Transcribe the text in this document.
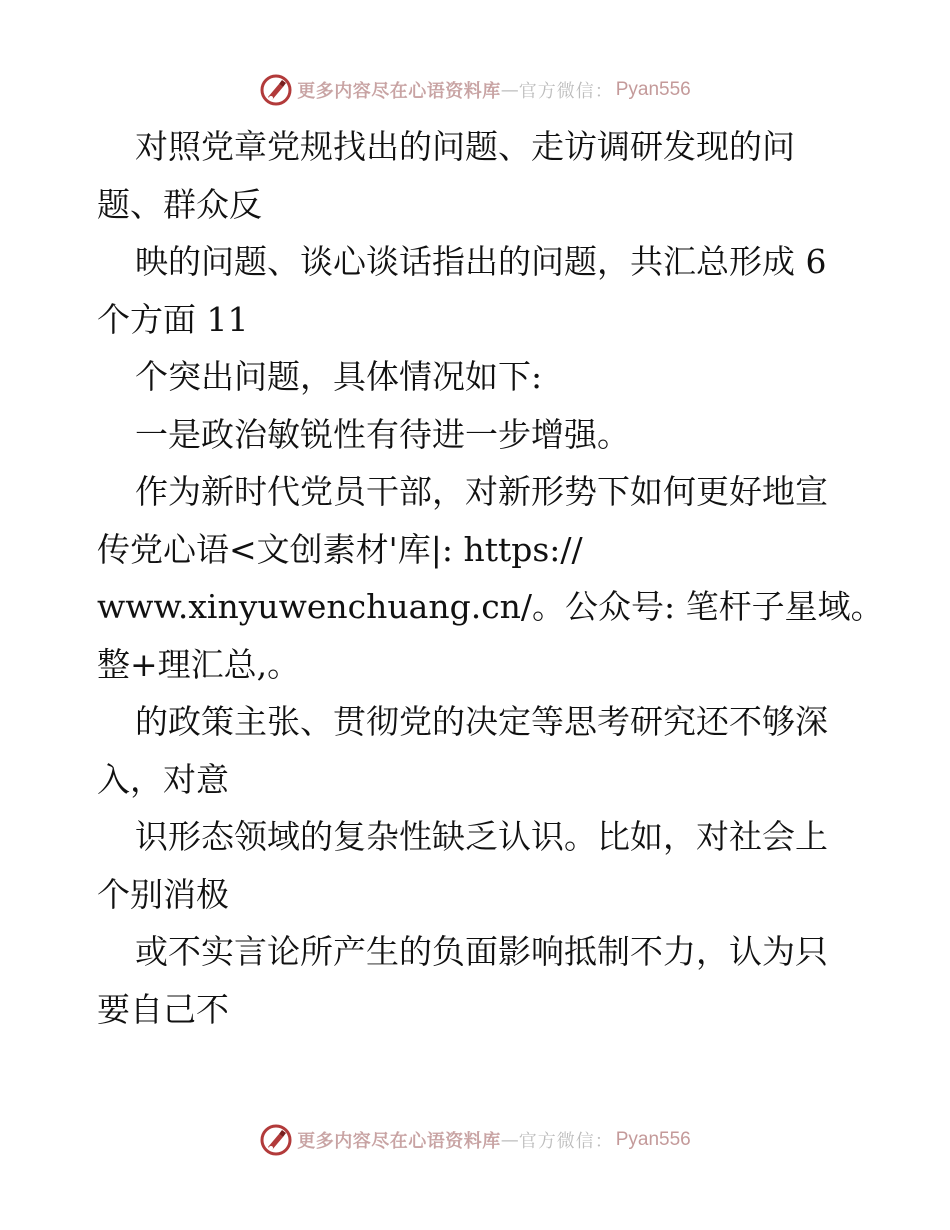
更多内容尽在心语资料库 — 官方微信： Pyan556
对照党章党规找出的问题、走访调研发现的问
题、群众反
映的问题、谈心谈话指出的问题，共汇总形成 6
个方面 11
个突出问题，具体情况如下:
一是政治敏锐性有待进一步增强。
作为新时代党员干部，对新形势下如何更好地宣
传党心语<文创素材'库|: https://
www.xinyuwenchuang.cn/。公众号: 笔杆子星域。
整+理汇总,。
的政策主张、贯彻党的决定等思考研究还不够深
入，对意
识形态领域的复杂性缺乏认识。比如，对社会上
个别消极
或不实言论所产生的负面影响抵制不力，认为只
要自己不
更多内容尽在心语资料库 — 官方微信： Pyan556
